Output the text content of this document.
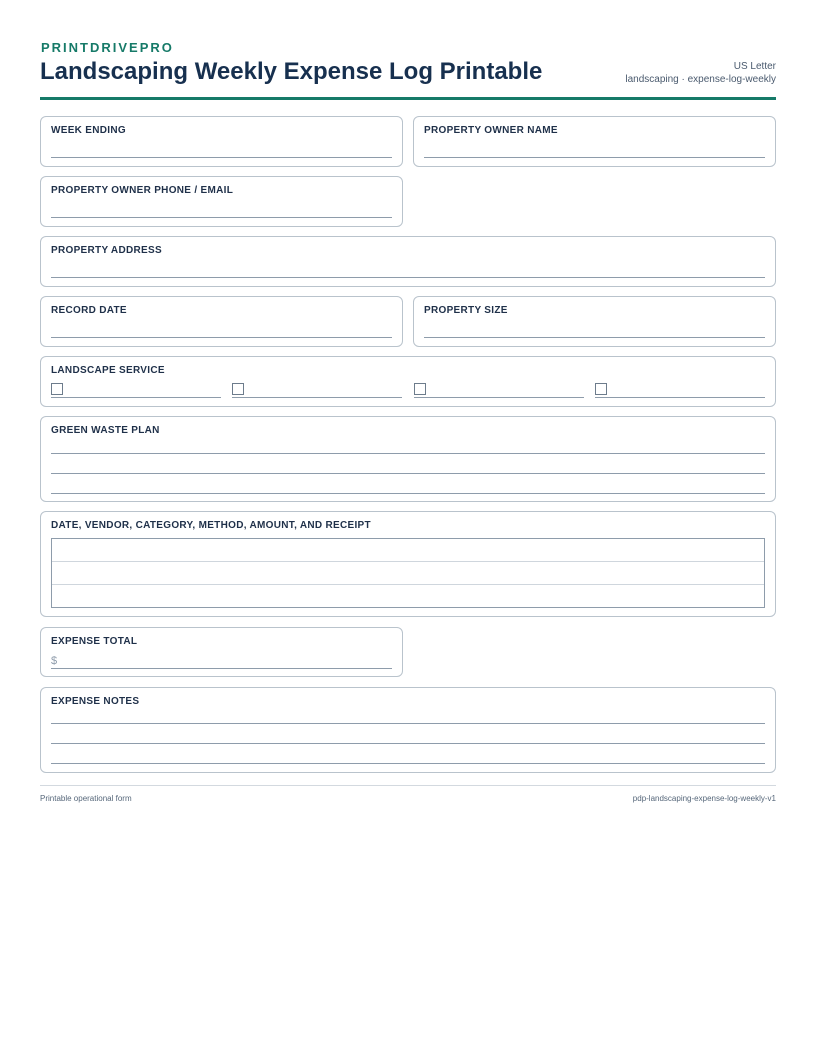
PRINTDRIVEPRO
Landscaping Weekly Expense Log Printable	US Letter
landscaping · expense-log-weekly
WEEK ENDING	PROPERTY OWNER NAME
PROPERTY OWNER PHONE / EMAIL
PROPERTY ADDRESS
RECORD DATE	PROPERTY SIZE
LANDSCAPE SERVICE
GREEN WASTE PLAN
DATE, VENDOR, CATEGORY, METHOD, AMOUNT, AND RECEIPT
EXPENSE TOTAL
$
EXPENSE NOTES
Printable operational form	pdp-landscaping-expense-log-weekly-v1
